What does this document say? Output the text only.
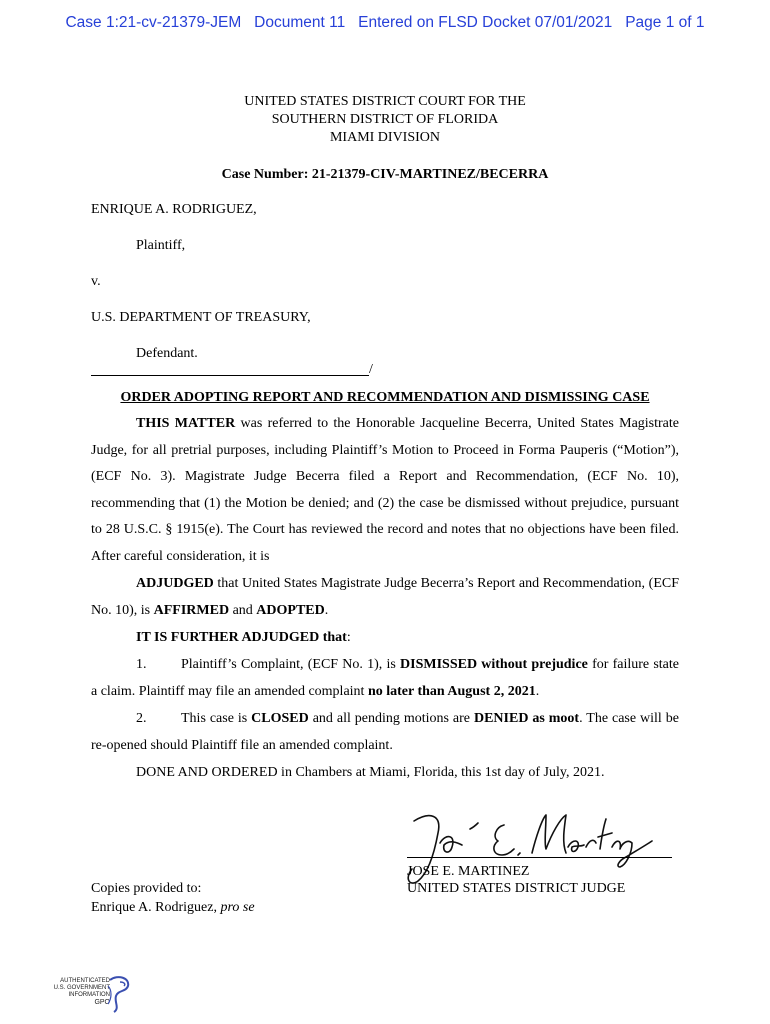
Case 1:21-cv-21379-JEM   Document 11   Entered on FLSD Docket 07/01/2021   Page 1 of 1
UNITED STATES DISTRICT COURT FOR THE
SOUTHERN DISTRICT OF FLORIDA
MIAMI DIVISION
Case Number: 21-21379-CIV-MARTINEZ/BECERRA
ENRIQUE A. RODRIGUEZ,
Plaintiff,
v.
U.S. DEPARTMENT OF TREASURY,
Defendant.
/
ORDER ADOPTING REPORT AND RECOMMENDATION AND DISMISSING CASE

THIS MATTER was referred to the Honorable Jacqueline Becerra, United States Magistrate Judge, for all pretrial purposes, including Plaintiff’s Motion to Proceed in Forma Pauperis (“Motion”), (ECF No. 3). Magistrate Judge Becerra filed a Report and Recommendation, (ECF No. 10), recommending that (1) the Motion be denied; and (2) the case be dismissed without prejudice, pursuant to 28 U.S.C. § 1915(e). The Court has reviewed the record and notes that no objections have been filed. After careful consideration, it is

ADJUDGED that United States Magistrate Judge Becerra’s Report and Recommendation, (ECF No. 10), is AFFIRMED and ADOPTED.

IT IS FURTHER ADJUDGED that:

1. Plaintiff’s Complaint, (ECF No. 1), is DISMISSED without prejudice for failure state a claim. Plaintiff may file an amended complaint no later than August 2, 2021.

2. This case is CLOSED and all pending motions are DENIED as moot. The case will be re-opened should Plaintiff file an amended complaint.

DONE AND ORDERED in Chambers at Miami, Florida, this 1st day of July, 2021.

JOSE E. MARTINEZ
UNITED STATES DISTRICT JUDGE
Copies provided to:
Enrique A. Rodriguez, pro se
AUTHENTICATED
U.S. GOVERNMENT
INFORMATION
GPO
